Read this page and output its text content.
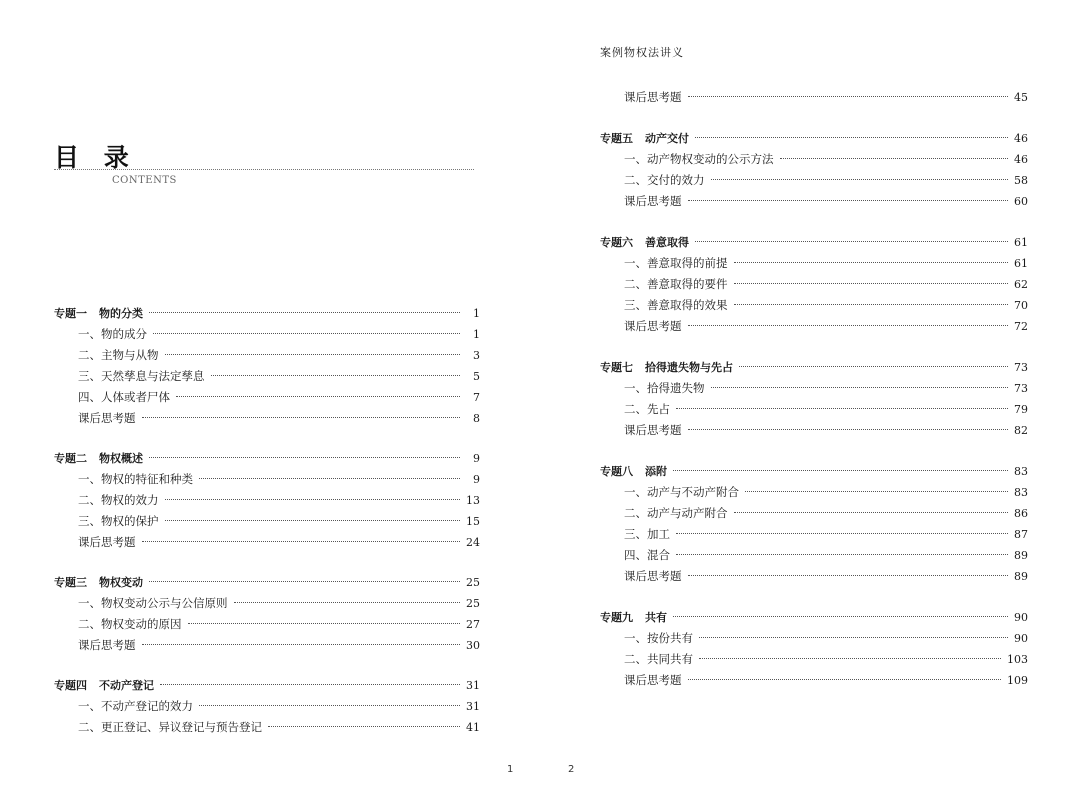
目 录
CONTENTS
1	2
案例物权法讲义
专题一 物的分类	1
一、物的成分	1
二、主物与从物	3
三、天然孳息与法定孳息	5
四、人体或者尸体	7
课后思考题	8
专题二 物权概述	9
一、物权的特征和种类	9
二、物权的效力	13
三、物权的保护	15
课后思考题	24
专题三 物权变动	25
一、物权变动公示与公信原则	25
二、物权变动的原因	27
课后思考题	30
专题四 不动产登记	31
一、不动产登记的效力	31
二、更正登记、异议登记与预告登记	41
课后思考题	45
专题五 动产交付	46
一、动产物权变动的公示方法	46
二、交付的效力	58
课后思考题	60
专题六 善意取得	61
一、善意取得的前提	61
二、善意取得的要件	62
三、善意取得的效果	70
课后思考题	72
专题七 拾得遗失物与先占	73
一、拾得遗失物	73
二、先占	79
课后思考题	82
专题八 添附	83
一、动产与不动产附合	83
二、动产与动产附合	86
三、加工	87
四、混合	89
课后思考题	89
专题九 共有	90
一、按份共有	90
二、共同共有	103
课后思考题	109
